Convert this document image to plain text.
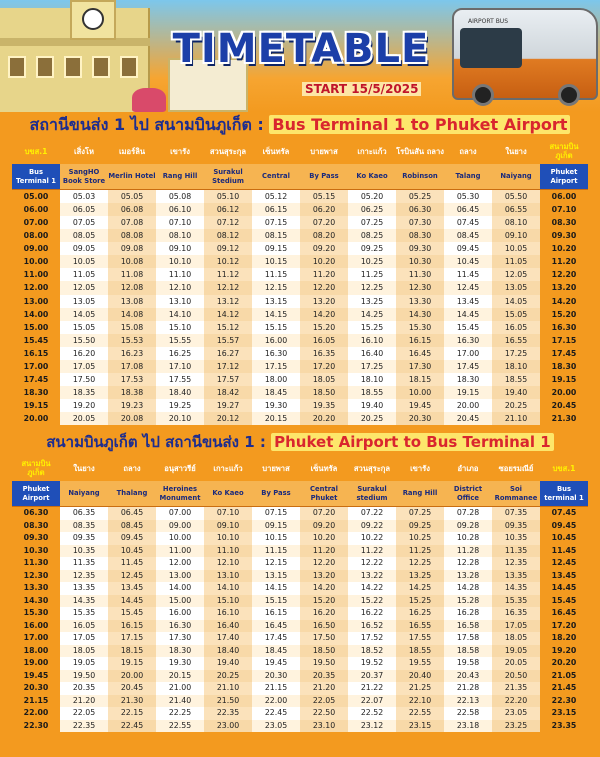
AIRPORT BUS
TIMETABLE
START 15/5/2025
สถานีขนส่ง 1 ไป สนามบินภูเก็ต : Bus Terminal 1 to Phuket Airport
บขส.1	เสิ่งโห	เมอร์ลิน	เขารัง	สวนสุระกุล	เซ็นทรัล	บายพาส	เกาะแก้ว	โรบินสัน ถลาง	ถลาง	ในยาง	สนามบิน ภูเก็ต
Bus Terminal 1	SangHO Book Store	Merlin Hotel	Rang Hill	Surakul Stedium	Central	By Pass	Ko Kaeo	Robinson	Talang	Naiyang	Phuket Airport
05.00	05.03	05.05	05.08	05.10	05.12	05.15	05.20	05.25	05.30	05.50	06.00
06.00	06.05	06.08	06.10	06.12	06.15	06.20	06.25	06.30	06.45	06.55	07.10
07.00	07.05	07.08	07.10	07.12	07.15	07.20	07.25	07.30	07.45	08.10	08.30
08.00	08.05	08.08	08.10	08.12	08.15	08.20	08.25	08.30	08.45	09.10	09.30
09.00	09.05	09.08	09.10	09.12	09.15	09.20	09.25	09.30	09.45	10.05	10.20
10.00	10.05	10.08	10.10	10.12	10.15	10.20	10.25	10.30	10.45	11.05	11.20
11.00	11.05	11.08	11.10	11.12	11.15	11.20	11.25	11.30	11.45	12.05	12.20
12.00	12.05	12.08	12.10	12.12	12.15	12.20	12.25	12.30	12.45	13.05	13.20
13.00	13.05	13.08	13.10	13.12	13.15	13.20	13.25	13.30	13.45	14.05	14.20
14.00	14.05	14.08	14.10	14.12	14.15	14.20	14.25	14.30	14.45	15.05	15.20
15.00	15.05	15.08	15.10	15.12	15.15	15.20	15.25	15.30	15.45	16.05	16.30
15.45	15.50	15.53	15.55	15.57	16.00	16.05	16.10	16.15	16.30	16.55	17.15
16.15	16.20	16.23	16.25	16.27	16.30	16.35	16.40	16.45	17.00	17.25	17.45
17.00	17.05	17.08	17.10	17.12	17.15	17.20	17.25	17.30	17.45	18.10	18.30
17.45	17.50	17.53	17.55	17.57	18.00	18.05	18.10	18.15	18.30	18.55	19.15
18.30	18.35	18.38	18.40	18.42	18.45	18.50	18.55	10.00	19.15	19.40	20.00
19.15	19.20	19.23	19.25	19.27	19.30	19.35	19.40	19.45	20.00	20.25	20.45
20.00	20.05	20.08	20.10	20.12	20.15	20.20	20.25	20.30	20.45	21.10	21.30
สนามบินภูเก็ต ไป สถานีขนส่ง 1 : Phuket Airport to Bus Terminal 1
สนามบิน ภูเก็ต	ในยาง	ถลาง	อนุสาวรีย์	เกาะแก้ว	บายพาส	เซ็นทรัล	สวนสุระกุล	เขารัง	อำเภอ	ซอยรมณีย์	บขส.1
Phuket Airport	Naiyang	Thalang	Heroines Monument	Ko Kaeo	By Pass	Central Phuket	Surakul stedium	Rang Hill	District Office	Soi Rommanee	Bus terminal 1
06.30	06.35	06.45	07.00	07.10	07.15	07.20	07.22	07.25	07.28	07.35	07.45
08.30	08.35	08.45	09.00	09.10	09.15	09.20	09.22	09.25	09.28	09.35	09.45
09.30	09.35	09.45	10.00	10.10	10.15	10.20	10.22	10.25	10.28	10.35	10.45
10.30	10.35	10.45	11.00	11.10	11.15	11.20	11.22	11.25	11.28	11.35	11.45
11.30	11.35	11.45	12.00	12.10	12.15	12.20	12.22	12.25	12.28	12.35	12.45
12.30	12.35	12.45	13.00	13.10	13.15	13.20	13.22	13.25	13.28	13.35	13.45
13.30	13.35	13.45	14.00	14.10	14.15	14.20	14.22	14.25	14.28	14.35	14.45
14.30	14.35	14.45	15.00	15.10	15.15	15.20	15.22	15.25	15.28	15.35	15.45
15.30	15.35	15.45	16.00	16.10	16.15	16.20	16.22	16.25	16.28	16.35	16.45
16.00	16.05	16.15	16.30	16.40	16.45	16.50	16.52	16.55	16.58	17.05	17.20
17.00	17.05	17.15	17.30	17.40	17.45	17.50	17.52	17.55	17.58	18.05	18.20
18.00	18.05	18.15	18.30	18.40	18.45	18.50	18.52	18.55	18.58	19.05	19.20
19.00	19.05	19.15	19.30	19.40	19.45	19.50	19.52	19.55	19.58	20.05	20.20
19.45	19.50	20.00	20.15	20.25	20.30	20.35	20.37	20.40	20.43	20.50	21.05
20.30	20.35	20.45	21.00	21.10	21.15	21.20	21.22	21.25	21.28	21.35	21.45
21.15	21.20	21.30	21.40	21.50	22.00	22.05	22.07	22.10	22.13	22.20	22.30
22.00	22.05	22.15	22.25	22.35	22.45	22.50	22.52	22.55	22.58	23.05	23.15
22.30	22.35	22.45	22.55	23.00	23.05	23.10	23.12	23.15	23.18	23.25	23.35
